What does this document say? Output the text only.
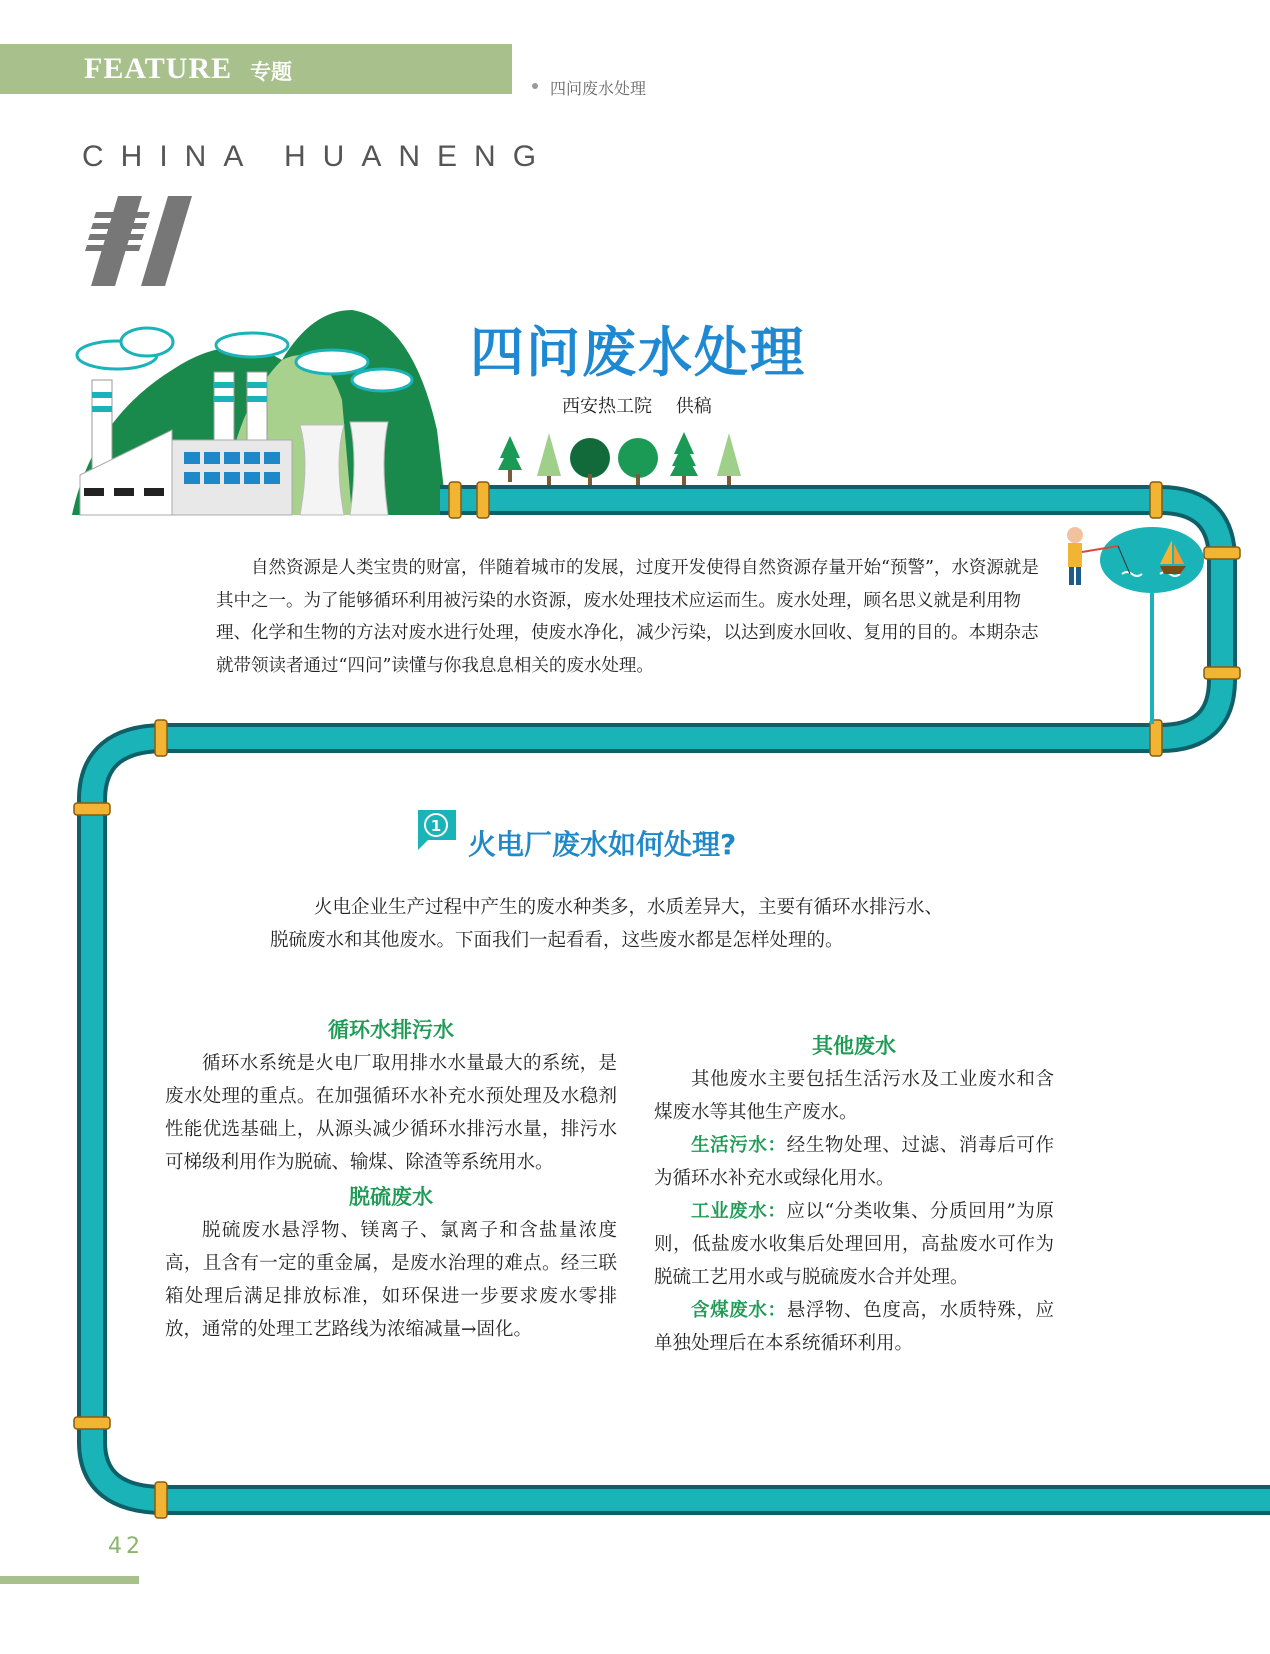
FEATURE 专题
四问废水处理
CHINA HUANENG
四问废水处理
西安热工院　 供稿
自然资源是人类宝贵的财富，伴随着城市的发展，过度开发使得自然资源存量开始“预警”，水资源就是其中之一。为了能够循环利用被污染的水资源，废水处理技术应运而生。废水处理，顾名思义就是利用物理、化学和生物的方法对废水进行处理，使废水净化，减少污染，以达到废水回收、复用的目的。本期杂志就带领读者通过“四问”读懂与你我息息相关的废水处理。
1
火电厂废水如何处理?

火电企业生产过程中产生的废水种类多，水质差异大，主要有循环水排污水、

脱硫废水和其他废水。下面我们一起看看，这些废水都是怎样处理的。

循环水排污水

循环水系统是火电厂取用排水水量最大的系统，是废水处理的重点。在加强循环水补充水预处理及水稳剂性能优选基础上，从源头减少循环水排污水量，排污水可梯级利用作为脱硫、输煤、除渣等系统用水。

脱硫废水

脱硫废水悬浮物、镁离子、氯离子和含盐量浓度高，且含有一定的重金属，是废水治理的难点。经三联箱处理后满足排放标准，如环保进一步要求废水零排放，通常的处理工艺路线为浓缩减量→固化。

其他废水

其他废水主要包括生活污水及工业废水和含煤废水等其他生产废水。

生活污水：经生物处理、过滤、消毒后可作为循环水补充水或绿化用水。

工业废水：应以“分类收集、分质回用”为原则，低盐废水收集后处理回用，高盐废水可作为脱硫工艺用水或与脱硫废水合并处理。

含煤废水：悬浮物、色度高，水质特殊，应单独处理后在本系统循环利用。

42
